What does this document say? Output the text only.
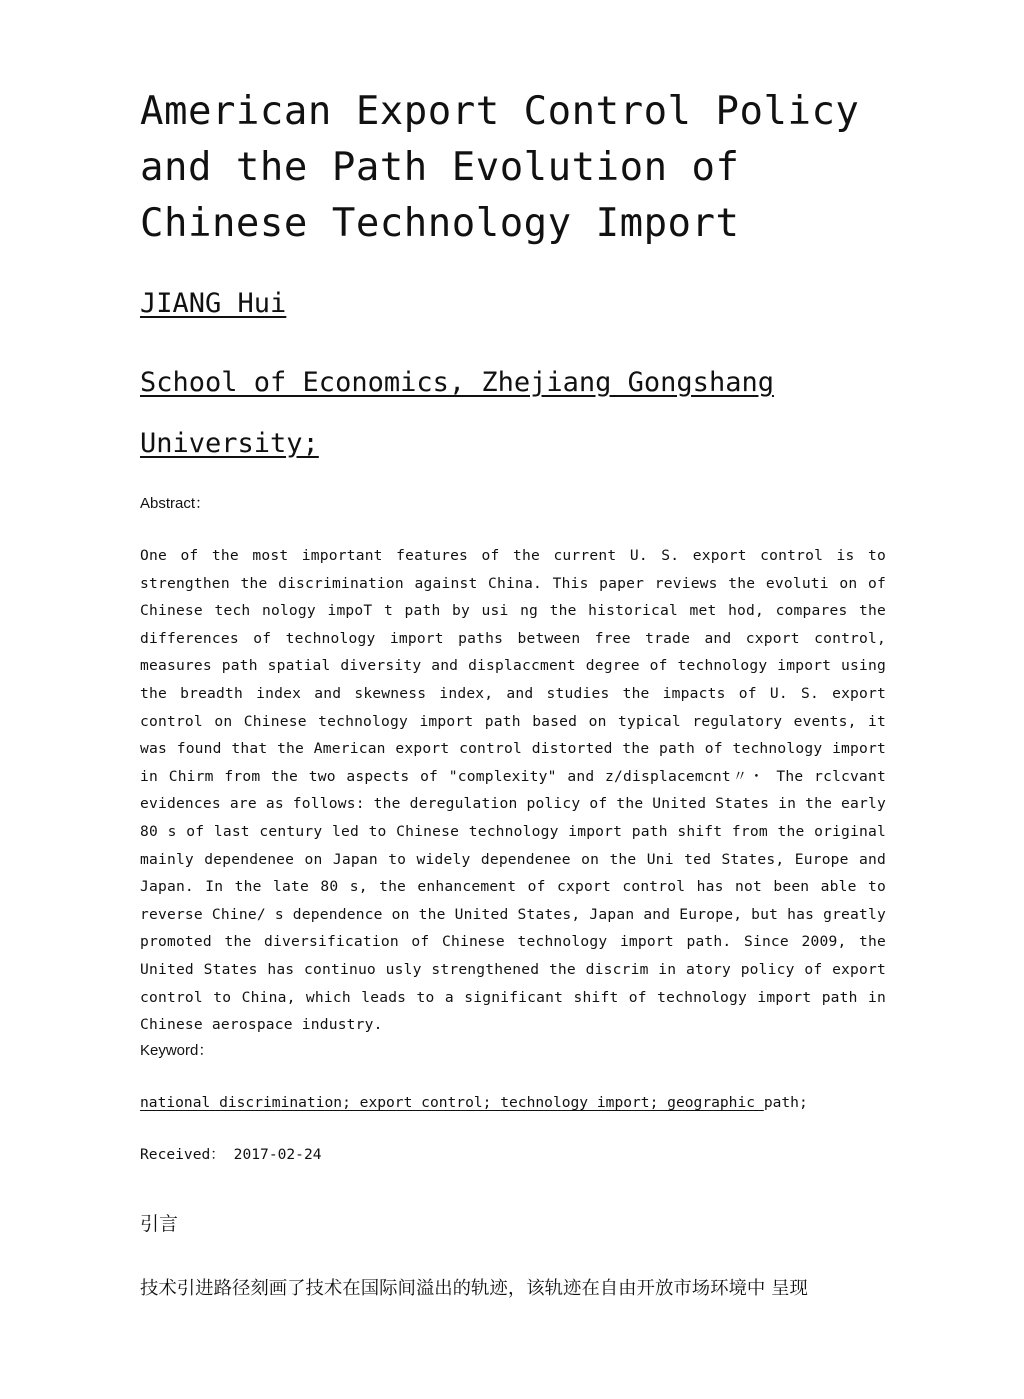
American Export Control Policy and the Path Evolution of Chinese Technology Import

JIANG Hui

School of Economics, Zhejiang Gongshang University;

Abstract：

One of the most important features of the current U. S. export control is to strengthen the discrimination against China. This paper reviews the evoluti on of Chinese tech nology impoT t path by usi ng the historical met hod, compares the differences of technology import paths between free trade and cxport control, measures path spatial diversity and displaccment degree of technology import using the breadth index and skewness index, and studies the impacts of U. S. export control on Chinese technology import path based on typical regulatory events, it was found that the American export control distorted the path of technology import in Chirm from the two aspects of "complexity" and z/displacemcnt〃・ The rclcvant evidences are as follows: the deregulation policy of the United States in the early 80 s of last century led to Chinese technology import path shift from the original mainly dependenee on Japan to widely dependenee on the Uni ted States, Europe and Japan. In the late 80 s, the enhancement of cxport control has not been able to reverse Chine/ s dependence on the United States, Japan and Europe, but has greatly promoted the diversification of Chinese technology import path. Since 2009, the United States has continuo usly strengthened the discrim in atory policy of export control to China, which leads to a significant shift of technology import path in Chinese aerospace industry.

Keyword：

national discrimination; export control; technology import; geographic path;

Received： 2017-02-24

引言

技术引进路径刻画了技术在国际间溢出的轨迹，该轨迹在自由开放市场环境中 呈现
